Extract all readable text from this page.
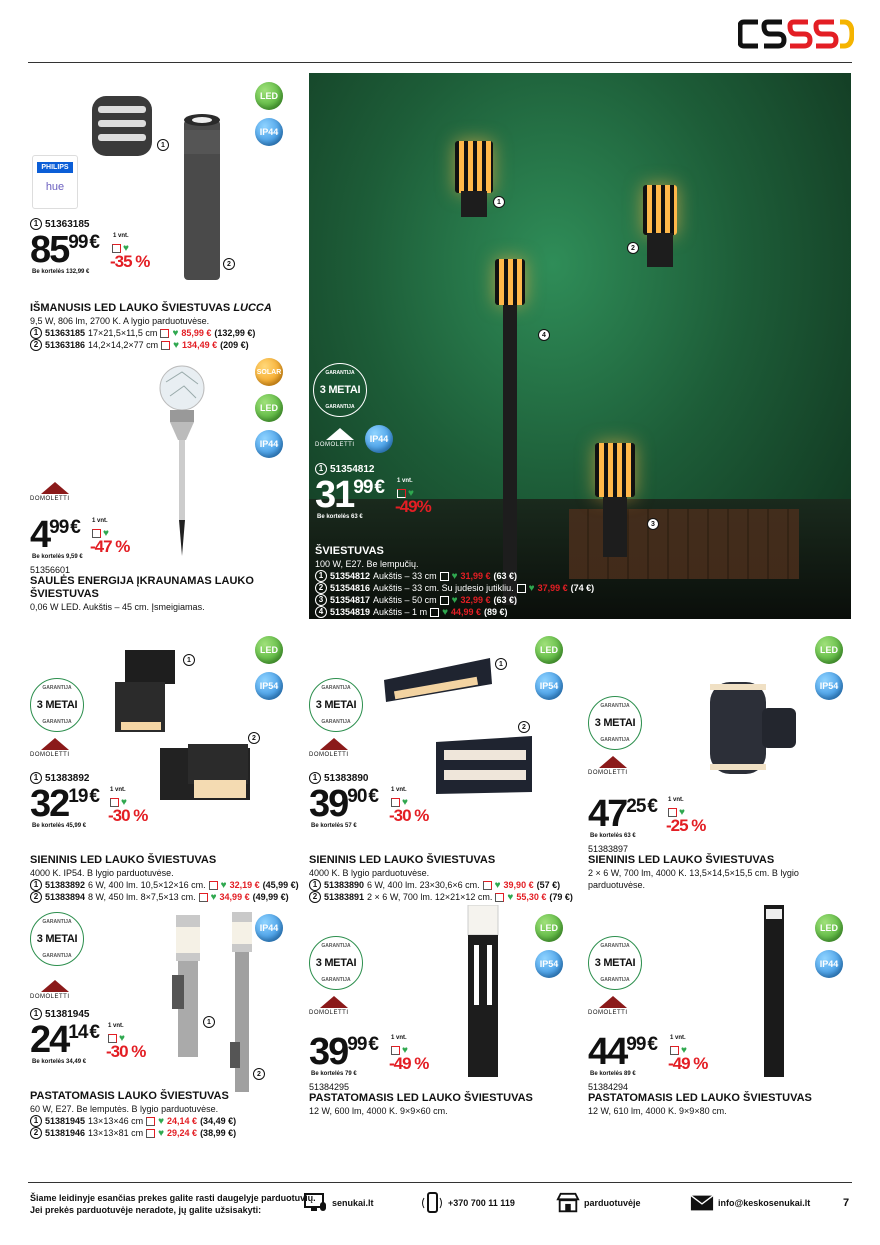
1
2
LED
IP44
PHILIPS
hue
1 51363185
8599 €	1 vnt.
♥
-35 %
Be kortelės 132,99 €
IŠMANUSIS LED LAUKO ŠVIESTUVAS LUCCA
9,5 W, 806 lm, 2700 K. A lygio parduotuvėse.
1 51363185 17×21,5×11,5 cm ♥ 85,99 € (132,99 €)
2 51363186 14,2×14,2×77 cm ♥ 134,49 € (209 €)
SOLAR
LED
IP44
DOMOLETTI
499 € 1 vnt.
♥
-47 %
Be kortelės 9,59 €
51356601
SAULĖS ENERGIJA ĮKRAUNAMAS LAUKO ŠVIESTUVAS
0,06 W LED. Aukštis – 45 cm. Įsmeigiamas.
1
2
4
3
GARANTIJA
3 METAI
GARANTIJA
DOMOLETTI
IP44
1 51354812
3199 € 1 vnt.
♥
-49%
Be kortelės 63 €
ŠVIESTUVAS
100 W, E27. Be lempučių.
1 51354812 Aukštis – 33 cm ♥ 31,99 € (63 €)
2 51354816 Aukštis – 33 cm. Su judesio jutikliu. ♥ 37,99 € (74 €)
3 51354817 Aukštis – 50 cm ♥ 32,99 € (63 €)
4 51354819 Aukštis – 1 m ♥ 44,99 € (89 €)
GARANTIJA
3 METAI
GARANTIJA
DOMOLETTI
1
2
LED
IP54
1 51383892
3219 € 1 vnt.
♥
-30 %
Be kortelės 45,99 €
SIENINIS LED LAUKO ŠVIESTUVAS
4000 K. IP54. B lygio parduotuvėse.
1 51383892 6 W, 400 lm. 10,5×12×16 cm. ♥ 32,19 € (45,99 €)
2 51383894 8 W, 450 lm. 8×7,5×13 cm. ♥ 34,99 € (49,99 €)
GARANTIJA
3 METAI
GARANTIJA
DOMOLETTI
1
2
LED
IP54
1 51383890
3990 € 1 vnt.
♥
-30 %
Be kortelės 57 €
SIENINIS LED LAUKO ŠVIESTUVAS
4000 K. B lygio parduotuvėse.
1 51383890 6 W, 400 lm. 23×30,6×6 cm. ♥ 39,90 € (57 €)
2 51383891 2 × 6 W, 700 lm. 12×21×12 cm. ♥ 55,30 € (79 €)
GARANTIJA
3 METAI
GARANTIJA
DOMOLETTI
LED
IP54
4725 € 1 vnt.
♥
-25 %
Be kortelės 63 €
51383897
SIENINIS LED LAUKO ŠVIESTUVAS
2 × 6 W, 700 lm, 4000 K. 13,5×14,5×15,5 cm. B lygio parduotuvėse.
GARANTIJA
3 METAI
GARANTIJA
DOMOLETTI
1
2
IP44
1 51381945
2414 € 1 vnt.
♥
-30 %
Be kortelės 34,49 €
PASTATOMASIS LAUKO ŠVIESTUVAS
60 W, E27. Be lemputės. B lygio parduotuvėse.
1 51381945 13×13×46 cm ♥ 24,14 € (34,49 €)
2 51381946 13×13×81 cm ♥ 29,24 € (38,99 €)
GARANTIJA
3 METAI
GARANTIJA
DOMOLETTI
LED
IP54
3999 € 1 vnt.
♥
-49 %
Be kortelės 79 €
51384295
PASTATOMASIS LED LAUKO ŠVIESTUVAS
12 W, 600 lm, 4000 K. 9×9×60 cm.
GARANTIJA
3 METAI
GARANTIJA
DOMOLETTI
LED
IP44
4499 € 1 vnt.
♥
-49 %
Be kortelės 89 €
51384294
PASTATOMASIS LED LAUKO ŠVIESTUVAS
12 W, 610 lm, 4000 K. 9×9×80 cm.
Šiame leidinyje esančias prekes galite rasti daugelyje parduotuvių.
Jei prekės parduotuvėje neradote, jų galite užsisakyti:
senukai.lt	+370 700 11 119	parduotuvėje	info@keskosenukai.lt	7
